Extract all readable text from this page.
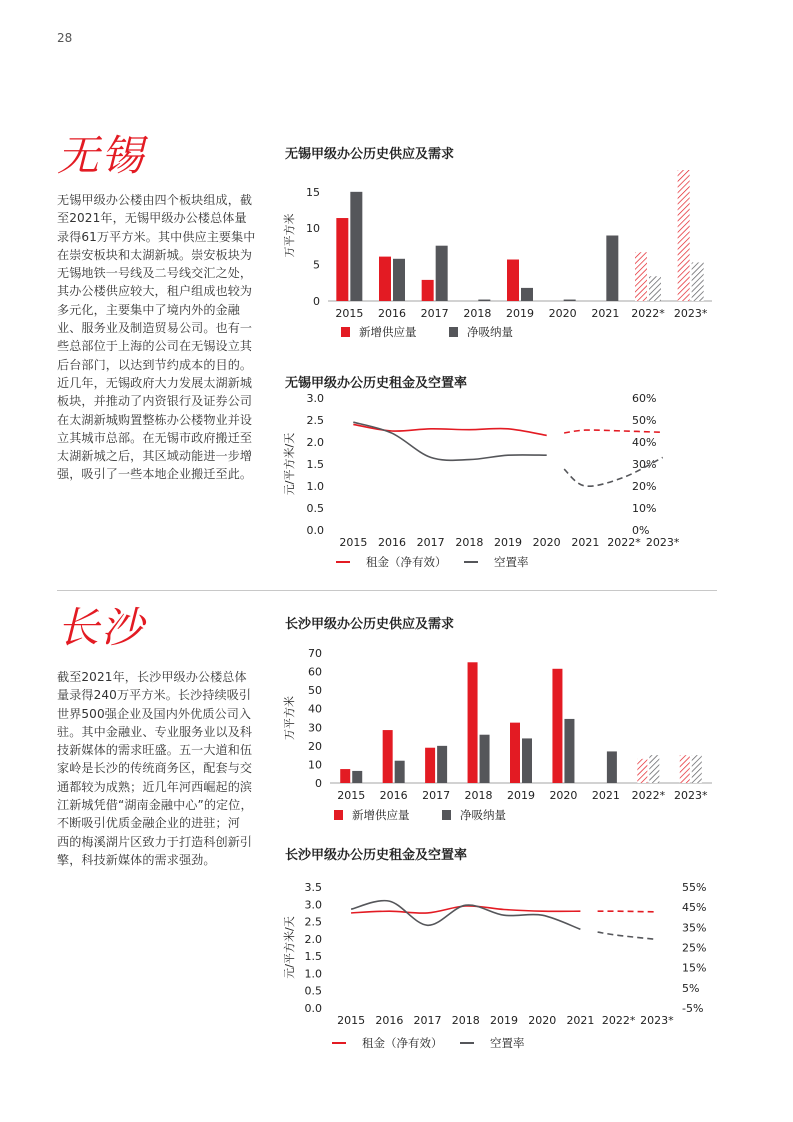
28
无锡
无锡甲级办公楼由四个板块组成，截
至2021年，无锡甲级办公楼总体量
录得61万平方米。其中供应主要集中
在崇安板块和太湖新城。崇安板块为
无锡地铁一号线及二号线交汇之处，
其办公楼供应较大，租户组成也较为
多元化，主要集中了境内外的金融
业、服务业及制造贸易公司。也有一
些总部位于上海的公司在无锡设立其
后台部门，以达到节约成本的目的。
近几年，无锡政府大力发展太湖新城
板块，并推动了内资银行及证券公司
在太湖新城购置整栋办公楼物业并设
立其城市总部。在无锡市政府搬迁至
太湖新城之后，其区域动能进一步增
强，吸引了一些本地企业搬迁至此。
无锡甲级办公历史供应及需求
0
5
10
15
万平方米
2015 2016 2017 2018 2019 2020 2021 2022* 2023*
新增供应量	净吸纳量
无锡甲级办公历史租金及空置率
0.0
0.5
1.0
1.5
2.0
2.5
3.0
0%
10%
20%
30%
40%
50%
60%
元/平方米/天
2015 2016 2017 2018 2019 2020 2021 2022* 2023*
租金（净有效）	空置率
长沙
截至2021年，长沙甲级办公楼总体
量录得240万平方米。长沙持续吸引
世界500强企业及国内外优质公司入
驻。其中金融业、专业服务业以及科
技新媒体的需求旺盛。五一大道和伍
家岭是长沙的传统商务区，配套与交
通都较为成熟；近几年河西崛起的滨
江新城凭借“湖南金融中心”的定位，
不断吸引优质金融企业的进驻；河
西的梅溪湖片区致力于打造科创新引
擎，科技新媒体的需求强劲。
长沙甲级办公历史供应及需求
0
10
20
30
40
50
60
70
万平方米
2015 2016 2017 2018 2019 2020 2021 2022* 2023*
新增供应量	净吸纳量
长沙甲级办公历史租金及空置率
0.0
0.5
1.0
1.5
2.0
2.5
3.0
3.5
-5%
5%
15%
25%
35%
45%
55%
元/平方米/天
2015 2016 2017 2018 2019 2020 2021 2022* 2023*
租金（净有效）	空置率
